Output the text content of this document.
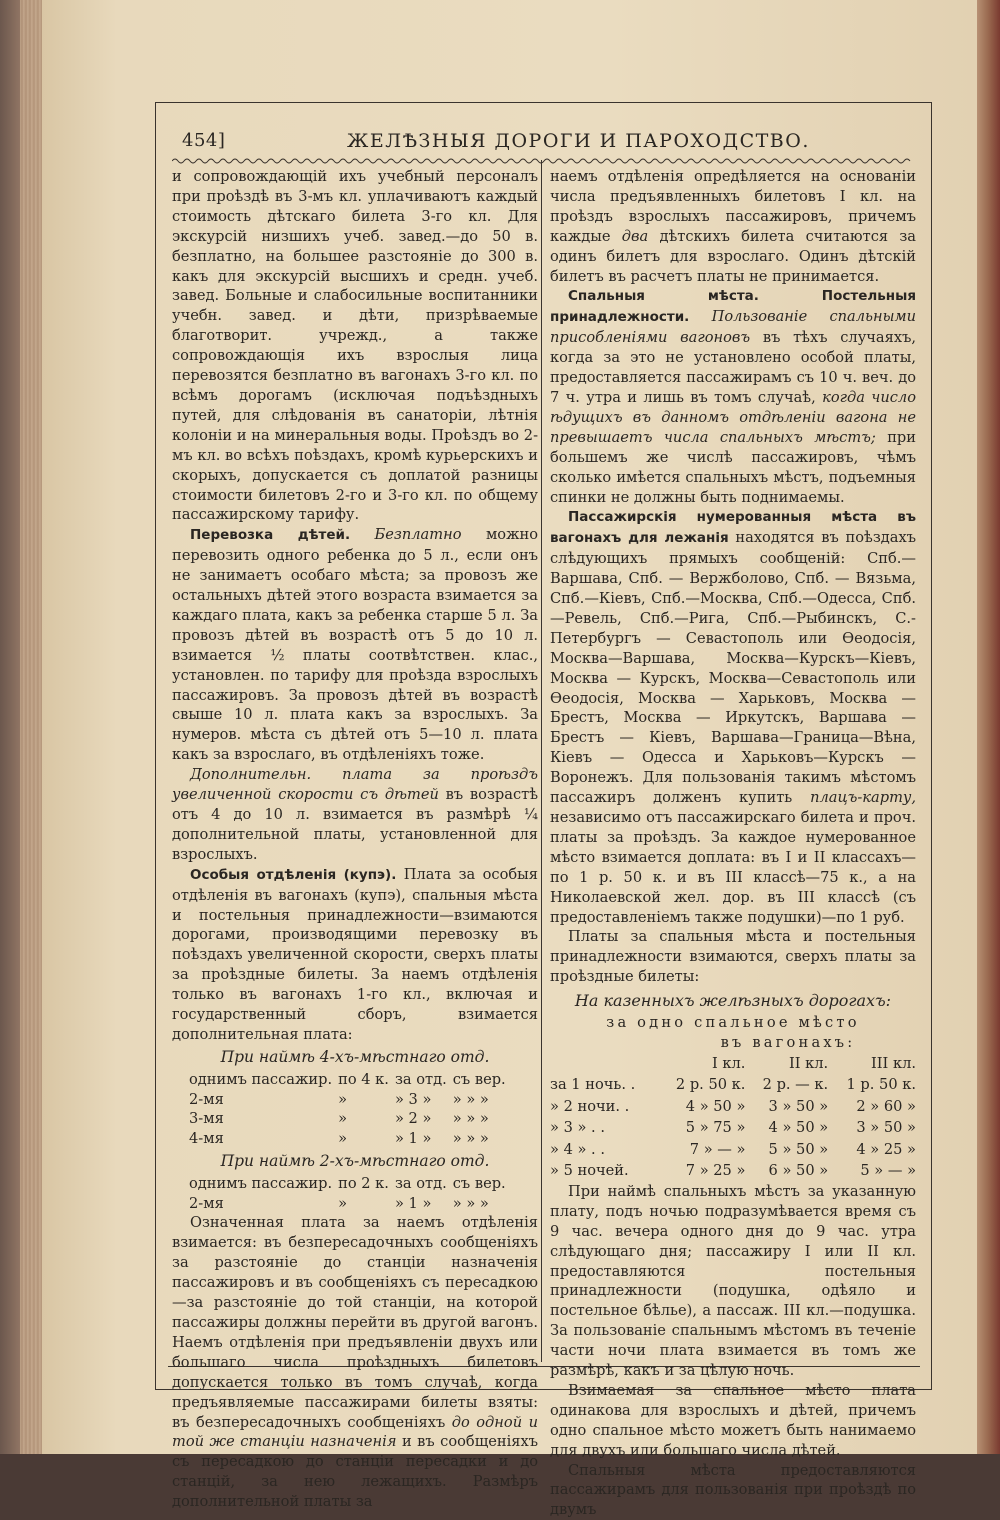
454]	ЖЕЛѢЗНЫЯ ДОРОГИ И ПАРОХОДСТВО.

и сопровождающій ихъ учебный персоналъ при проѣздѣ въ 3-мъ кл. уплачиваютъ каждый стоимость дѣтскаго билета 3-го кл. Для экскурсій низшихъ учеб. завед.—до 50 в. безплатно, на большее разстояніе до 300 в. какъ для экскурсій высшихъ и средн. учеб. завед. Больные и слабосильные воспитанники учебн. завед. и дѣти, призрѣваемые благотворит. учрежд., а также сопровождающія ихъ взрослыя лица перевозятся безплатно въ вагонахъ 3-го кл. по всѣмъ дорогамъ (исключая подъѣздныхъ путей, для слѣдованія въ санаторіи, лѣтнія колоніи и на минеральныя воды. Проѣздъ во 2-мъ кл. во всѣхъ поѣздахъ, кромѣ курьерскихъ и скорыхъ, допускается съ доплатой разницы стоимости билетовъ 2-го и 3-го кл. по общему пассажирскому тарифу.

Перевозка дѣтей. Безплатно можно перевозить одного ребенка до 5 л., если онъ не занимаетъ особаго мѣста; за провозъ же остальныхъ дѣтей этого возраста взимается за каждаго плата, какъ за ребенка старше 5 л. За провозъ дѣтей въ возрастѣ отъ 5 до 10 л. взимается ½ платы соотвѣтствен. клас., установлен. по тарифу для проѣзда взрослыхъ пассажировъ. За провозъ дѣтей въ возрастѣ свыше 10 л. плата какъ за взрослыхъ. За нумеров. мѣста съ дѣтей отъ 5—10 л. плата какъ за взрослаго, въ отдѣленіяхъ тоже.

Дополнительн. плата за проѣздъ увеличенной скорости съ дѣтей въ возрастѣ отъ 4 до 10 л. взимается въ размѣрѣ ¼ дополнительной платы, установленной для взрослыхъ.

Особыя отдѣленія (купэ). Плата за особыя отдѣленія въ вагонахъ (купэ), спальныя мѣста и постельныя принадлежности—взимаются дорогами, производящими перевозку въ поѣздахъ увеличенной скорости, сверхъ платы за проѣздные билеты. За наемъ отдѣленія только въ вагонахъ 1-го кл., включая и государственный сборъ, взимается дополнительная плата:

При наймѣ 4-хъ-мѣстнаго отд.
однимъ пассажир.	по 4 к.	за отд.	съ вер.
2-мя	»	» 3 »	» » »
3-мя	»	» 2 »	» » »
4-мя	»	» 1 »	» » »
При наймѣ 2-хъ-мѣстнаго отд.
однимъ пассажир.	по 2 к.	за отд.	съ вер.
2-мя	»	» 1 »	» » »

Означенная плата за наемъ отдѣленія взимается: въ безпересадочныхъ сообщеніяхъ за разстояніе до станціи назначенія пассажировъ и въ сообщеніяхъ съ пересадкою—за разстояніе до той станціи, на которой пассажиры должны перейти въ другой вагонъ. Наемъ отдѣленія при предъявленіи двухъ или большаго числа проѣздныхъ билетовъ допускается только въ томъ случаѣ, когда предъявляемые пассажирами билеты взяты: въ безпересадочныхъ сообщеніяхъ до одной и той же станціи назначенія и въ сообщеніяхъ съ пересадкою до станціи пересадки и до станцій, за нею лежащихъ. Размѣръ дополнительной платы за

наемъ отдѣленія опредѣляется на основаніи числа предъявленныхъ билетовъ I кл. на проѣздъ взрослыхъ пассажировъ, причемъ каждые два дѣтскихъ билета считаются за одинъ билетъ для взрослаго. Одинъ дѣтскій билетъ въ расчетъ платы не принимается.

Спальныя мѣста. Постельныя принадлежности. Пользованіе спальными присобленіями вагоновъ въ тѣхъ случаяхъ, когда за это не установлено особой платы, предоставляется пассажирамъ съ 10 ч. веч. до 7 ч. утра и лишь въ томъ случаѣ, когда число ѣдущихъ въ данномъ отдѣленіи вагона не превышаетъ числа спальныхъ мѣстъ; при большемъ же числѣ пассажировъ, чѣмъ сколько имѣется спальныхъ мѣстъ, подъемныя спинки не должны быть поднимаемы.

Пассажирскія нумерованныя мѣста въ вагонахъ для лежанія находятся въ поѣздахъ слѣдующихъ прямыхъ сообщеній: Спб.—Варшава, Спб. — Вержболово, Спб. — Вязьма, Спб.—Кіевъ, Спб.—Москва, Спб.—Одесса, Спб.—Ревель, Спб.—Рига, Спб.—Рыбинскъ, С.-Петербургъ — Севастополь или Ѳеодосія, Москва—Варшава, Москва—Курскъ—Кіевъ, Москва — Курскъ, Москва—Севастополь или Ѳеодосія, Москва — Харьковъ, Москва — Брестъ, Москва — Иркутскъ, Варшава — Брестъ — Кіевъ, Варшава—Граница—Вѣна, Кіевъ — Одесса и Харьковъ—Курскъ — Воронежъ. Для пользованія такимъ мѣстомъ пассажиръ долженъ купить плацъ-карту, независимо отъ пассажирскаго билета и проч. платы за проѣздъ. За каждое нумерованное мѣсто взимается доплата: въ I и II классахъ—по 1 р. 50 к. и въ III классѣ—75 к., а на Николаевской жел. дор. въ III классѣ (съ предоставленіемъ также подушки)—по 1 руб.

Платы за спальныя мѣста и постельныя принадлежности взимаются, сверхъ платы за проѣздные билеты:

На казенныхъ желѣзныхъ дорогахъ:
за одно спальное мѣсто
въ вагонахъ:
	I кл.	II кл.	III кл.
за 1 ночь. .	2 р. 50 к.	2 р. — к.	1 р. 50 к.
» 2 ночи. .	4 » 50 »	3 » 50 »	2 » 60 »
» 3 » . .	5 » 75 »	4 » 50 »	3 » 50 »
» 4 » . .	7 » — »	5 » 50 »	4 » 25 »
» 5 ночей.	7 » 25 »	6 » 50 »	5 » — »

При наймѣ спальныхъ мѣстъ за указанную плату, подъ ночью подразумѣвается время съ 9 час. вечера одного дня до 9 час. утра слѣдующаго дня; пассажиру I или II кл. предоставляются постельныя принадлежности (подушка, одѣяло и постельное бѣлье), а пассаж. III кл.—подушка. За пользованіе спальнымъ мѣстомъ въ теченіе части ночи плата взимается въ томъ же размѣрѣ, какъ и за цѣлую ночь.

Взимаемая за спальное мѣсто плата одинакова для взрослыхъ и дѣтей, причемъ одно спальное мѣсто можетъ быть нанимаемо для двухъ или большаго числа дѣтей.

Спальныя мѣста предоставляются пассажирамъ для пользованія при проѣздѣ по двумъ
